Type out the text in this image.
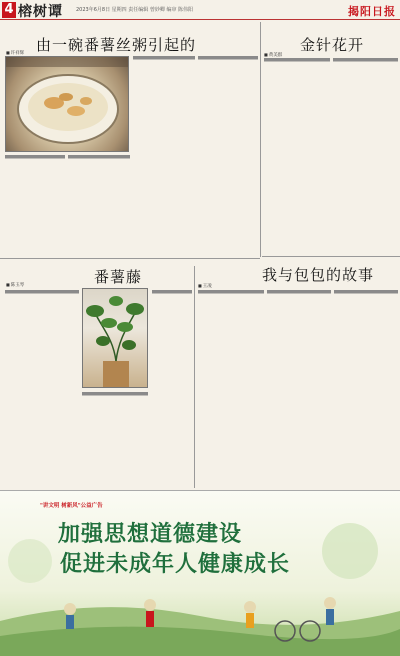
4 榕树谭	2023年6月8日 星期四 责任编辑 曾妙卿 编审 陈伟阳	揭阳日报
由一碗番薯丝粥引起的
■ 许祥辉

　	金针花开
■ 黄美群

番薯藤
■ 陈玉琴

我与包包的故事
■ 王凌

"讲文明 树新风"公益广告
加强思想道德建设
促进未成年人健康成长
